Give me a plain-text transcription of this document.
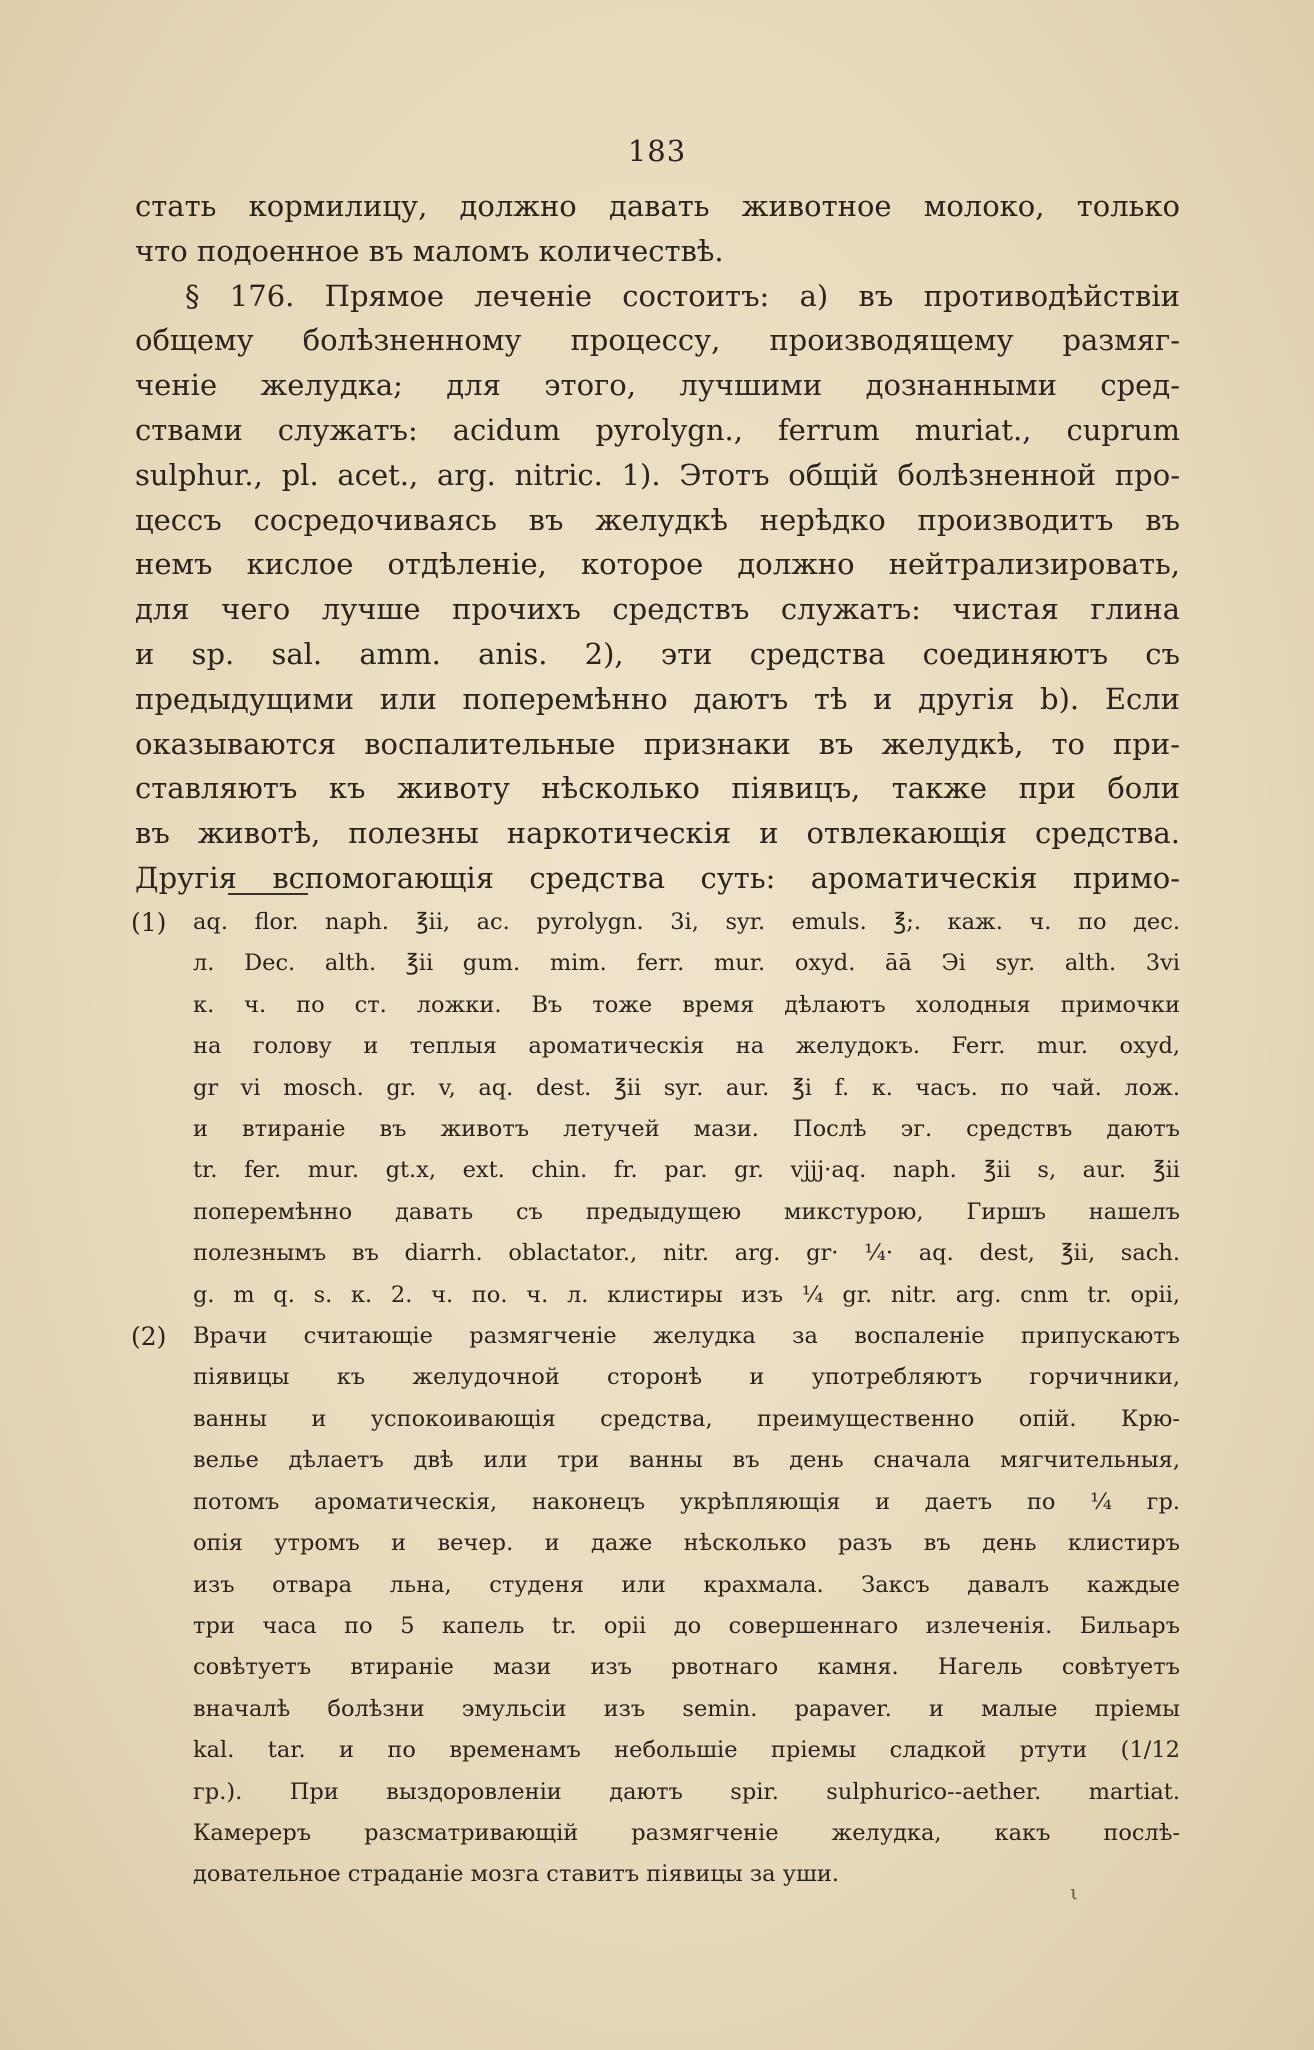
183
стать кормилицу, должно давать животное молоко, только
что подоенное въ маломъ количествѣ.
§ 176. Прямое леченіе состоитъ: а) въ противодѣйствіи
общему болѣзненному процессу, производящему размяг-
ченіе желудка; для этого, лучшими дознанными сред-
ствами служатъ: acidum pyrolygn., ferrum muriat., cuprum
sulphur., pl. acet., arg. nitric. 1). Этотъ общій болѣзненной про-
цессъ сосредочиваясь въ желудкѣ нерѣдко производитъ въ
немъ кислое отдѣленіе, которое должно нейтрализировать,
для чего лучше прочихъ средствъ служатъ: чистая глина
и sp. sal. amm. anis. 2), эти средства соединяютъ съ
предыдущими или поперемѣнно даютъ тѣ и другія b). Если
оказываются воспалительные признаки въ желудкѣ, то при-
ставляютъ къ животу нѣсколько піявицъ, также при боли
въ животѣ, полезны наркотическія и отвлекающія средства.
Другія вспомогающія средства суть: ароматическія примо-
(1) aq. flor. naph. ℥ii, ac. pyrolygn. 3i, syr. emuls. ℥;. каж. ч. по дес.
л. Dec. alth. ℥ii gum. mim. ferr. mur. oxyd. āā Эi syr. alth. 3vi
к. ч. по ст. ложки. Въ тоже время дѣлаютъ холодныя примочки
на голову и теплыя ароматическія на желудокъ. Ferr. mur. oxyd,
gr vi mosch. gr. v, aq. dest. ℥ii syr. aur. ℥i f. к. часъ. по чай. лож.
и втираніе въ животъ летучей мази. Послѣ эг. средствъ даютъ
tr. fer. mur. gt.x, ext. chin. fr. par. gr. vjjj·aq. naph. ℥ii s, aur. ℥ii
поперемѣнно давать съ предыдущею микстурою, Гиршъ нашелъ
полезнымъ въ diarrh. oblactator., nitr. arg. gr· ¼· aq. dest, ℥ii, sach.
g. m q. s. к. 2. ч. по. ч. л. клистиры изъ ¼ gr. nitr. arg. cnm tr. opii,
(2) Врачи считающіе размягченіе желудка за воспаленіе припускаютъ
піявицы къ желудочной сторонѣ и употребляютъ горчичники,
ванны и успокоивающія средства, преимущественно опій. Крю-
велье дѣлаетъ двѣ или три ванны въ день сначала мягчительныя,
потомъ ароматическія, наконецъ укрѣпляющія и даетъ по ¼ гр.
опія утромъ и вечер. и даже нѣсколько разъ въ день клистиръ
изъ отвара льна, студеня или крахмала. Заксъ давалъ каждые
три часа по 5 капель tr. opii до совершеннаго излеченія. Бильаръ
совѣтуетъ втираніе мази изъ рвотнаго камня. Нагель совѣтуетъ
вначалѣ болѣзни эмульсіи изъ semin. papaver. и малые пріемы
kal. tar. и по временамъ небольшіе пріемы сладкой ртути (1/12
гр.). При выздоровленіи даютъ spir. sulphurico--aether. martiat.
Камереръ разсматривающій размягченіе желудка, какъ послѣ-
довательное страданіе мозга ставитъ піявицы за уши.
ι
